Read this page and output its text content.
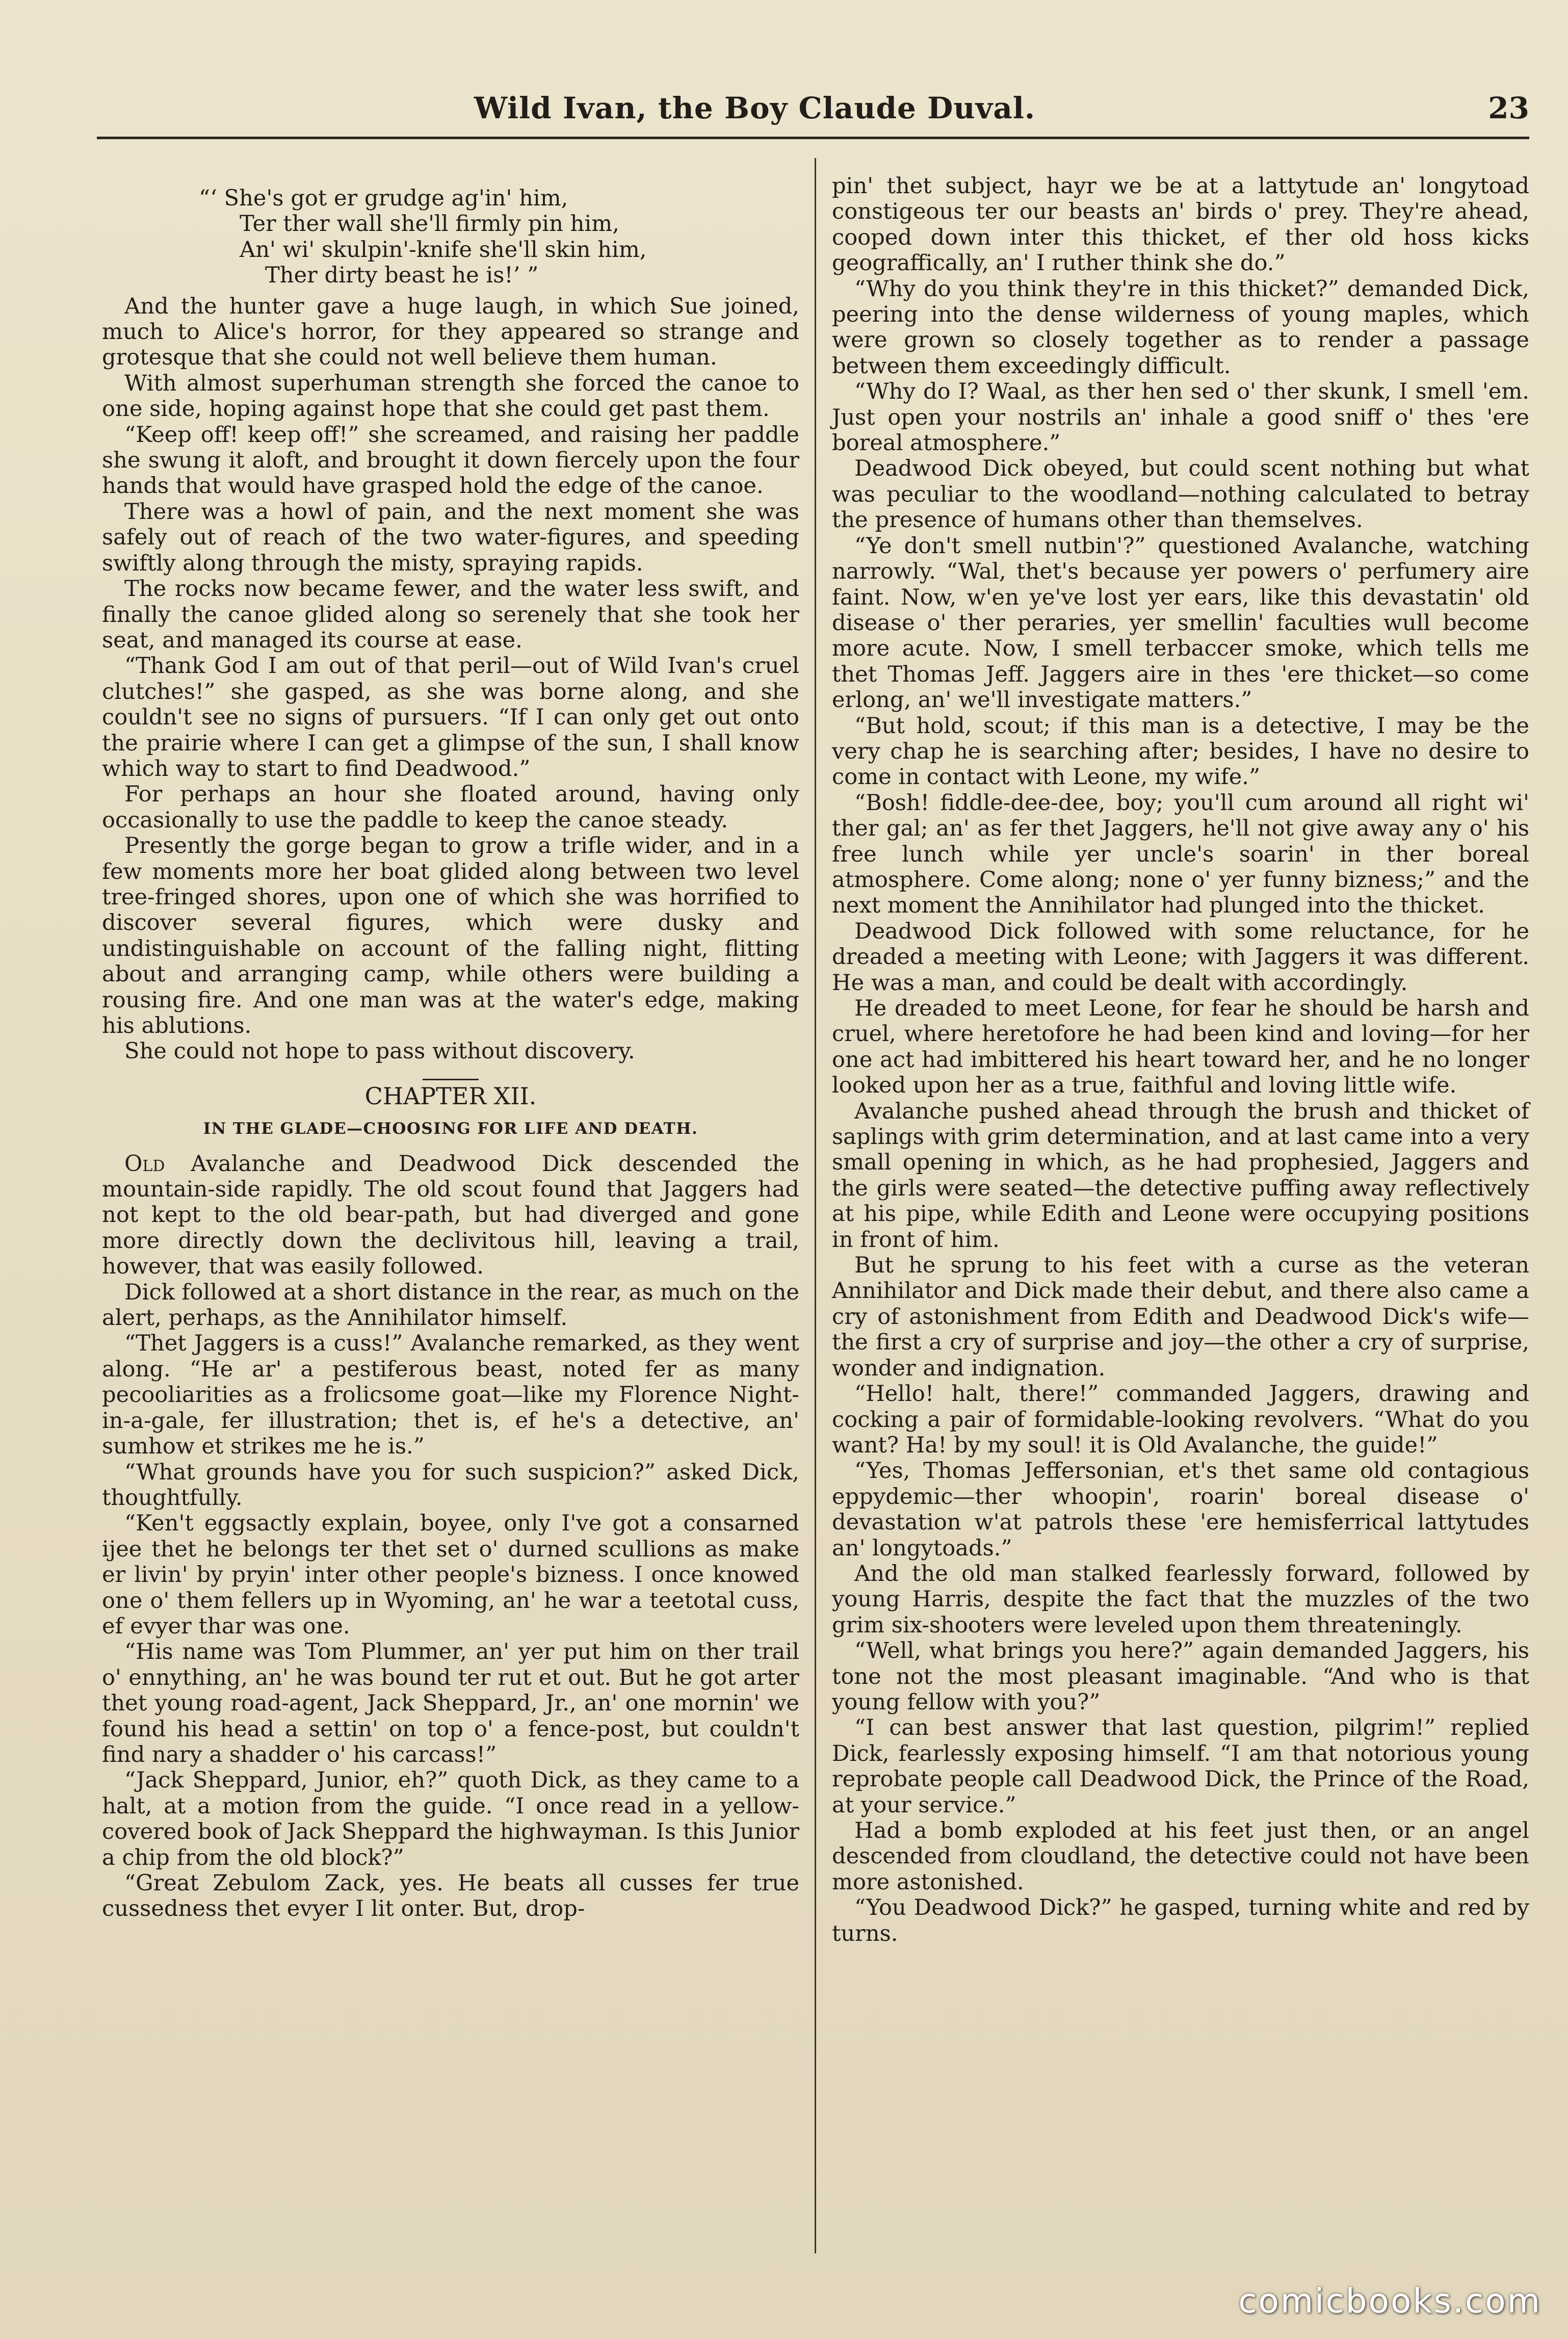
Wild Ivan, the Boy Claude Duval.	23
“‘ She's got er grudge ag'in' him,
Ter ther wall she'll firmly pin him,
An' wi' skulpin'-knife she'll skin him,
Ther dirty beast he is!’ ”

And the hunter gave a huge laugh, in which Sue joined, much to Alice's horror, for they appeared so strange and grotesque that she could not well believe them human.

With almost superhuman strength she forced the canoe to one side, hoping against hope that she could get past them.

“Keep off! keep off!” she screamed, and raising her paddle she swung it aloft, and brought it down fiercely upon the four hands that would have grasped hold the edge of the canoe.

There was a howl of pain, and the next moment she was safely out of reach of the two water-figures, and speeding swiftly along through the misty, spraying rapids.

The rocks now became fewer, and the water less swift, and finally the canoe glided along so serenely that she took her seat, and managed its course at ease.

“Thank God I am out of that peril—out of Wild Ivan's cruel clutches!” she gasped, as she was borne along, and she couldn't see no signs of pursuers. “If I can only get out onto the prairie where I can get a glimpse of the sun, I shall know which way to start to find Deadwood.”

For perhaps an hour she floated around, having only occasionally to use the paddle to keep the canoe steady.

Presently the gorge began to grow a trifle wider, and in a few moments more her boat glided along between two level tree-fringed shores, upon one of which she was horrified to discover several figures, which were dusky and undistinguishable on account of the falling night, flitting about and arranging camp, while others were building a rousing fire. And one man was at the water's edge, making his ablutions.

She could not hope to pass without discovery.

CHAPTER XII.
IN THE GLADE—CHOOSING FOR LIFE AND DEATH.

Old Avalanche and Deadwood Dick descended the mountain-side rapidly. The old scout found that Jaggers had not kept to the old bear-path, but had diverged and gone more directly down the declivitous hill, leaving a trail, however, that was easily followed.

Dick followed at a short distance in the rear, as much on the alert, perhaps, as the Annihilator himself.

“Thet Jaggers is a cuss!” Avalanche remarked, as they went along. “He ar' a pestiferous beast, noted fer as many pecooliarities as a frolicsome goat—like my Florence Night-in-a-gale, fer illustration; thet is, ef he's a detective, an' sumhow et strikes me he is.”

“What grounds have you for such suspicion?” asked Dick, thoughtfully.

“Ken't eggsactly explain, boyee, only I've got a consarned ijee thet he belongs ter thet set o' durned scullions as make er livin' by pryin' inter other people's bizness. I once knowed one o' them fellers up in Wyoming, an' he war a teetotal cuss, ef evyer thar was one.

“His name was Tom Plummer, an' yer put him on ther trail o' ennything, an' he was bound ter rut et out. But he got arter thet young road-agent, Jack Sheppard, Jr., an' one mornin' we found his head a settin' on top o' a fence-post, but couldn't find nary a shadder o' his carcass!”

“Jack Sheppard, Junior, eh?” quoth Dick, as they came to a halt, at a motion from the guide. “I once read in a yellow-covered book of Jack Sheppard the highwayman. Is this Junior a chip from the old block?”

“Great Zebulom Zack, yes. He beats all cusses fer true cussedness thet evyer I lit onter. But, drop-

pin' thet subject, hayr we be at a lattytude an' longytoad constigeous ter our beasts an' birds o' prey. They're ahead, cooped down inter this thicket, ef ther old hoss kicks geograffically, an' I ruther think she do.”

“Why do you think they're in this thicket?” demanded Dick, peering into the dense wilderness of young maples, which were grown so closely together as to render a passage between them exceedingly difficult.

“Why do I? Waal, as ther hen sed o' ther skunk, I smell 'em. Just open your nostrils an' inhale a good sniff o' thes 'ere boreal atmosphere.”

Deadwood Dick obeyed, but could scent nothing but what was peculiar to the woodland—nothing calculated to betray the presence of humans other than themselves.

“Ye don't smell nutbin'?” questioned Avalanche, watching narrowly. “Wal, thet's because yer powers o' perfumery aire faint. Now, w'en ye've lost yer ears, like this devastatin' old disease o' ther peraries, yer smellin' faculties wull become more acute. Now, I smell terbaccer smoke, which tells me thet Thomas Jeff. Jaggers aire in thes 'ere thicket—so come erlong, an' we'll investigate matters.”

“But hold, scout; if this man is a detective, I may be the very chap he is searching after; besides, I have no desire to come in contact with Leone, my wife.”

“Bosh! fiddle-dee-dee, boy; you'll cum around all right wi' ther gal; an' as fer thet Jaggers, he'll not give away any o' his free lunch while yer uncle's soarin' in ther boreal atmosphere. Come along; none o' yer funny bizness;” and the next moment the Annihilator had plunged into the thicket.

Deadwood Dick followed with some reluctance, for he dreaded a meeting with Leone; with Jaggers it was different. He was a man, and could be dealt with accordingly.

He dreaded to meet Leone, for fear he should be harsh and cruel, where heretofore he had been kind and loving—for her one act had imbittered his heart toward her, and he no longer looked upon her as a true, faithful and loving little wife.

Avalanche pushed ahead through the brush and thicket of saplings with grim determination, and at last came into a very small opening in which, as he had prophesied, Jaggers and the girls were seated—the detective puffing away reflectively at his pipe, while Edith and Leone were occupying positions in front of him.

But he sprung to his feet with a curse as the veteran Annihilator and Dick made their debut, and there also came a cry of astonishment from Edith and Deadwood Dick's wife—the first a cry of surprise and joy—the other a cry of surprise, wonder and indignation.

“Hello! halt, there!” commanded Jaggers, drawing and cocking a pair of formidable-looking revolvers. “What do you want? Ha! by my soul! it is Old Avalanche, the guide!”

“Yes, Thomas Jeffersonian, et's thet same old contagious eppydemic—ther whoopin', roarin' boreal disease o' devastation w'at patrols these 'ere hemisferrical lattytudes an' longytoads.”

And the old man stalked fearlessly forward, followed by young Harris, despite the fact that the muzzles of the two grim six-shooters were leveled upon them threateningly.

“Well, what brings you here?” again demanded Jaggers, his tone not the most pleasant imaginable. “And who is that young fellow with you?”

“I can best answer that last question, pilgrim!” replied Dick, fearlessly exposing himself. “I am that notorious young reprobate people call Deadwood Dick, the Prince of the Road, at your service.”

Had a bomb exploded at his feet just then, or an angel descended from cloudland, the detective could not have been more astonished.

“You Deadwood Dick?” he gasped, turning white and red by turns.

comicbooks.com
